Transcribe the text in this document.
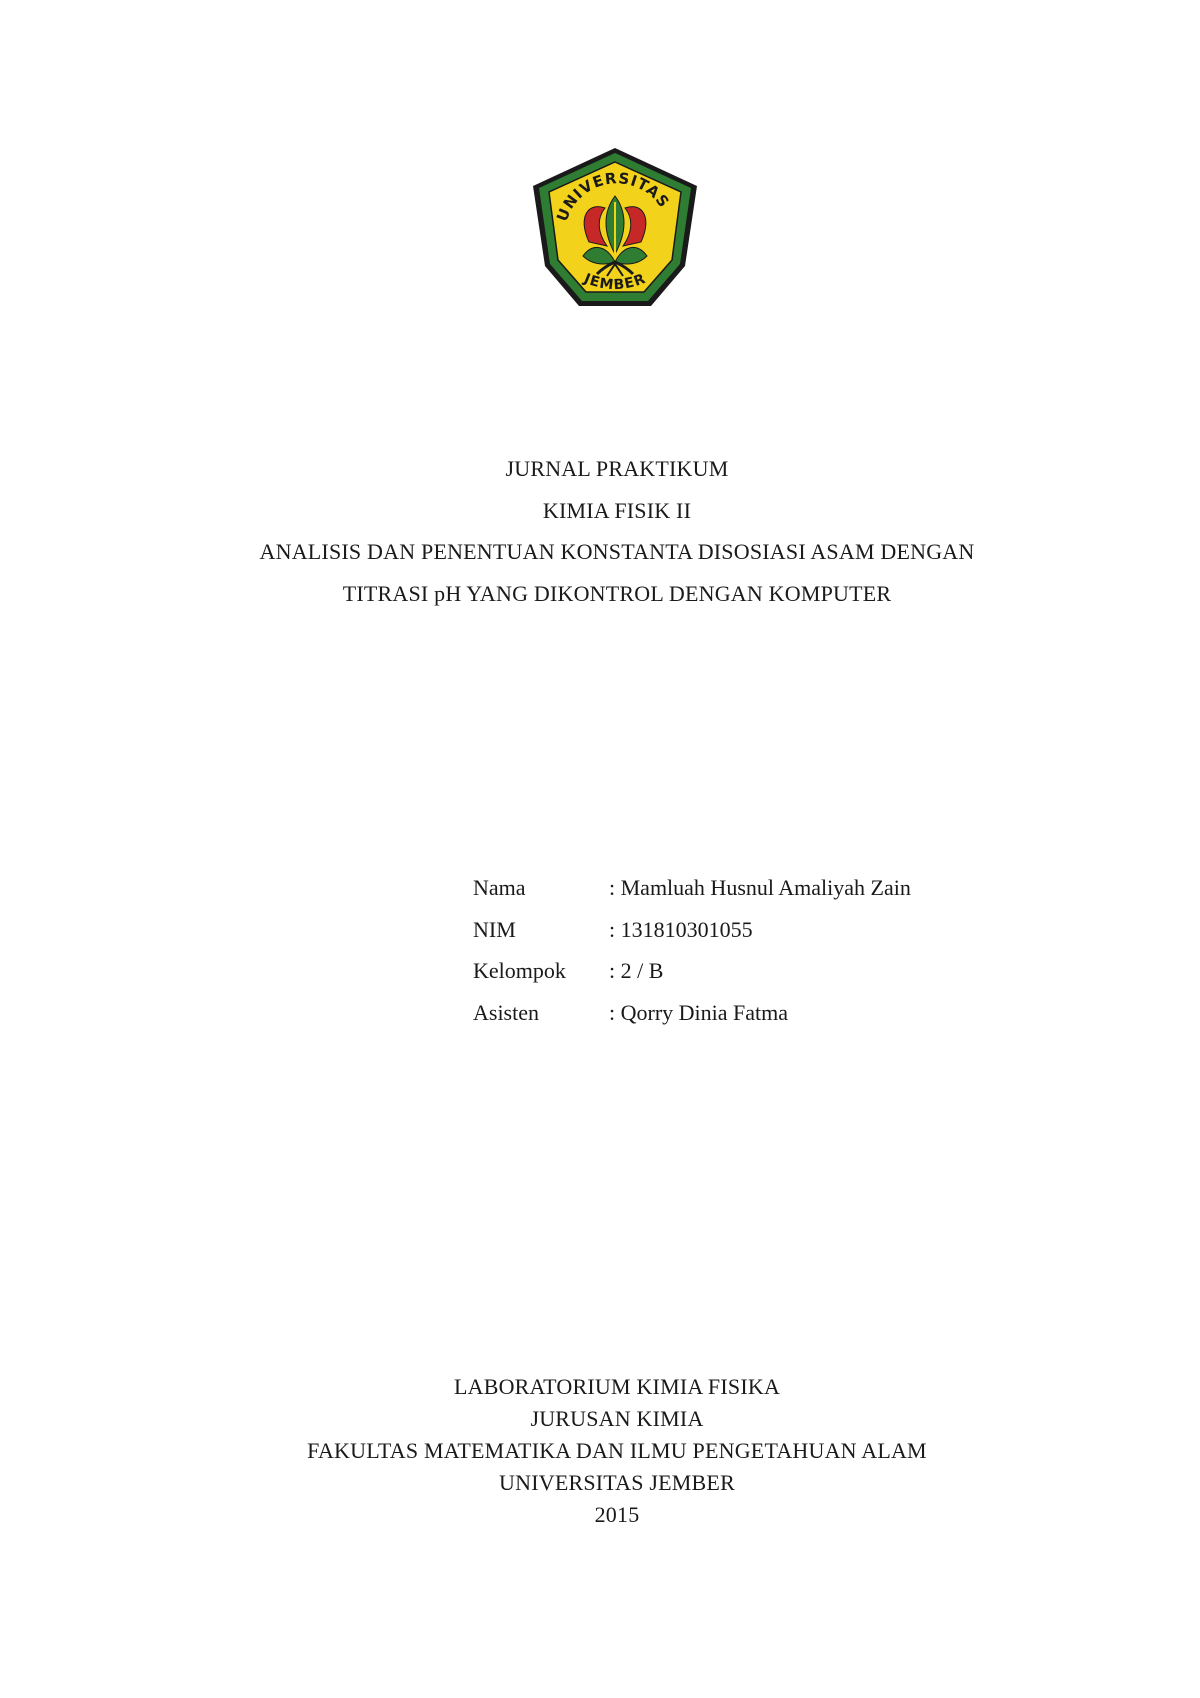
UNIVERSITAS
JEMBER
JURNAL PRAKTIKUM
KIMIA FISIK II
ANALISIS DAN PENENTUAN KONSTANTA DISOSIASI ASAM DENGAN
TITRASI pH YANG DIKONTROL DENGAN KOMPUTER
Nama	: Mamluah Husnul Amaliyah Zain
NIM	: 131810301055
Kelompok	: 2 / B
Asisten	: Qorry Dinia Fatma
LABORATORIUM KIMIA FISIKA
JURUSAN KIMIA
FAKULTAS MATEMATIKA DAN ILMU PENGETAHUAN ALAM
UNIVERSITAS JEMBER
2015
